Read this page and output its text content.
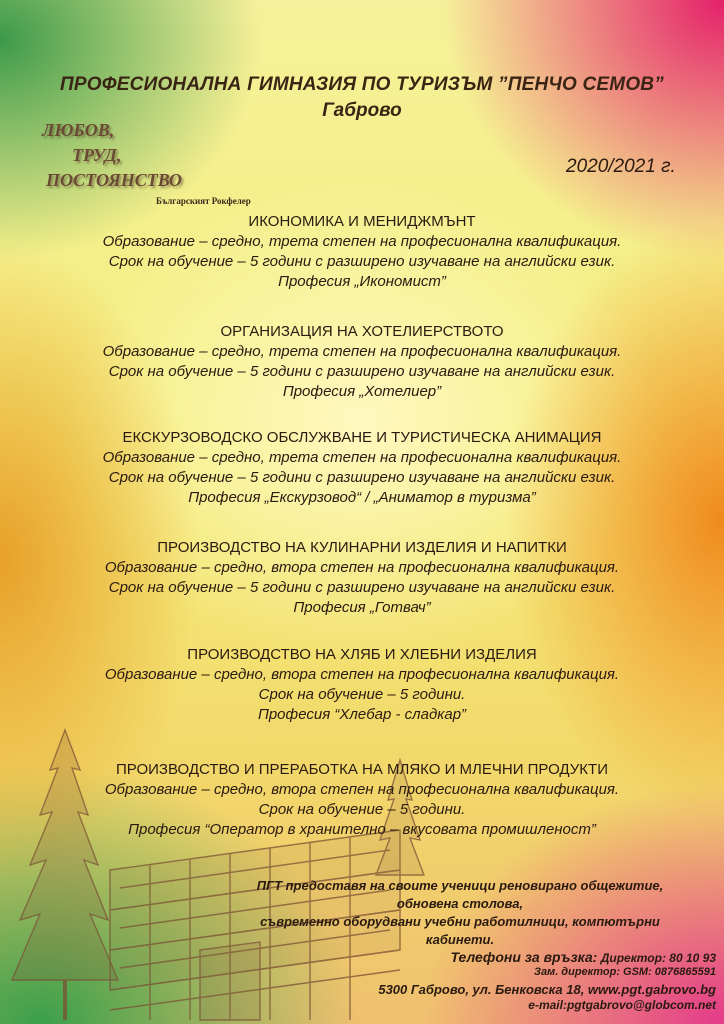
ПРОФЕСИОНАЛНА ГИМНАЗИЯ ПО ТУРИЗЪМ ”ПЕНЧО СЕМОВ”
Габрово
ЛЮБОВ,
ТРУД,
ПОСТОЯНСТВО
Българският Рокфелер
2020/2021 г.
ИКОНОМИКА И МЕНИДЖМЪНТ
Образование – средно, трета степен на професионална квалификация.
Срок на обучение – 5 години с разширено изучаване на английски език.
Професия „Икономист”
ОРГАНИЗАЦИЯ НА ХОТЕЛИЕРСТВОТО
Образование – средно, трета степен на професионална квалификация.
Срок на обучение – 5 години с разширено изучаване на английски език.
Професия „Хотелиер”
ЕКСКУРЗОВОДСКО ОБСЛУЖВАНЕ И ТУРИСТИЧЕСКА АНИМАЦИЯ
Образование – средно, трета степен на професионална квалификация.
Срок на обучение – 5 години с разширено изучаване на английски език.
Професия „Екскурзовод“ / „Аниматор в туризма”
ПРОИЗВОДСТВО НА КУЛИНАРНИ ИЗДЕЛИЯ И НАПИТКИ
Образование – средно, втора степен на професионална квалификация.
Срок на обучение – 5 години с разширено изучаване на английски език.
Професия „Готвач”
ПРОИЗВОДСТВО НА ХЛЯБ И ХЛЕБНИ ИЗДЕЛИЯ
Образование – средно, втора степен на професионална квалификация.
Срок на обучение – 5 години.
Професия “Хлебар - сладкар”
ПРОИЗВОДСТВО И ПРЕРАБОТКА НА МЛЯКО И МЛЕЧНИ ПРОДУКТИ
Образование – средно, втора степен на професионална квалификация.
Срок на обучение – 5 години.
Професия “Оператор в хранително – вкусовата промишленост”
ПГТ предоставя на своите ученици реновирано общежитие, обновена столова,
съвременно оборудвани учебни работилници, компютърни кабинети.
Телефони за връзка: Директор: 80 10 93
Зам. директор: GSM: 0876865591
5300 Габрово, ул. Бенковска 18, www.pgt.gabrovo.bg
e-mail:pgtgabrovo@globcom.net
